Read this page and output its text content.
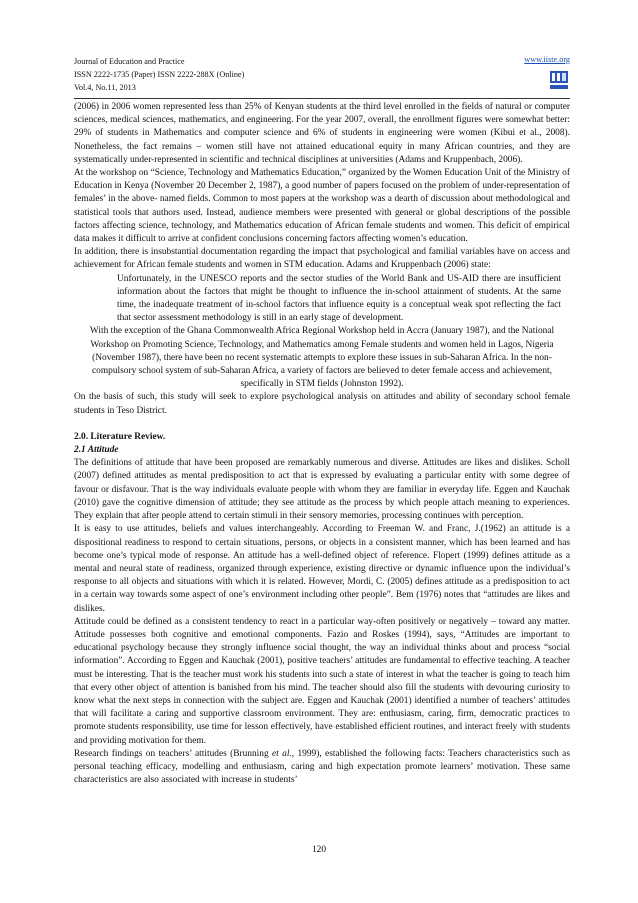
Journal of Education and Practice
ISSN 2222-1735 (Paper) ISSN 2222-288X (Online)
Vol.4, No.11, 2013
www.iiste.org

(2006) in 2006 women represented less than 25% of Kenyan students at the third level enrolled in the fields of natural or computer sciences, medical sciences, mathematics, and engineering. For the year 2007, overall, the enrollment figures were somewhat better: 29% of students in Mathematics and computer science and 6% of students in engineering were women (Kibui et al., 2008). Nonetheless, the fact remains – women still have not attained educational equity in many African countries, and they are systematically under-represented in scientific and technical disciplines at universities (Adams and Kruppenbach, 2006).

At the workshop on “Science, Technology and Mathematics Education,” organized by the Women Education Unit of the Ministry of Education in Kenya (November 20 December 2, 1987), a good number of papers focused on the problem of under-representation of females’ in the above- named fields. Common to most papers at the workshop was a dearth of discussion about methodological and statistical tools that authors used. Instead, audience members were presented with general or global descriptions of the possible factors affecting science, technology, and Mathematics education of African female students and women. This deficit of empirical data makes it difficult to arrive at confident conclusions concerning factors affecting women’s education.

In addition, there is insubstantial documentation regarding the impact that psychological and familial variables have on access and achievement for African female students and women in STM education. Adams and Kruppenbach (2006) state:

Unfortunately, in the UNESCO reports and the sector studies of the World Bank and US-AID there are insufficient information about the factors that might be thought to influence the in-school attainment of students. At the same time, the inadequate treatment of in-school factors that influence equity is a conceptual weak spot reflecting the fact that sector assessment methodology is still in an early stage of development.

With the exception of the Ghana Commonwealth Africa Regional Workshop held in Accra (January 1987), and the National Workshop on Promoting Science, Technology, and Mathematics among Female students and women held in Lagos, Nigeria (November 1987), there have been no recent systematic attempts to explore these issues in sub-Saharan Africa. In the non-compulsory school system of sub-Saharan Africa, a variety of factors are believed to deter female access and achievement, specifically in STM fields (Johnston 1992).

On the basis of such, this study will seek to explore psychological analysis on attitudes and ability of secondary school female students in Teso District.

2.0. Literature Review.
2.1 Attitude

The definitions of attitude that have been proposed are remarkably numerous and diverse. Attitudes are likes and dislikes. Scholl (2007) defined attitudes as mental predisposition to act that is expressed by evaluating a particular entity with some degree of favour or disfavour. That is the way individuals evaluate people with whom they are familiar in everyday life. Eggen and Kauchak (2010) gave the cognitive dimension of attitude; they see attitude as the process by which people attach meaning to experiences. They explain that after people attend to certain stimuli in their sensory memories, processing continues with perception.

It is easy to use attitudes, beliefs and values interchangeably. According to Freeman W. and Franc, J.(1962) an attitude is a dispositional readiness to respond to certain situations, persons, or objects in a consistent manner, which has been learned and has become one’s typical mode of response. An attitude has a well-defined object of reference. Flopert (1999) defines attitude as a mental and neural state of readiness, organized through experience, existing directive or dynamic influence upon the individual’s response to all objects and situations with which it is related. However, Mordi, C. (2005) defines attitude as a predisposition to act in a certain way towards some aspect of one’s environment including other people”. Bem (1976) notes that “attitudes are likes and dislikes.

Attitude could be defined as a consistent tendency to react in a particular way-often positively or negatively – toward any matter. Attitude possesses both cognitive and emotional components. Fazio and Roskes (1994), says, “Attitudes are important to educational psychology because they strongly influence social thought, the way an individual thinks about and process “social information”. According to Eggen and Kauchak (2001), positive teachers’ attitudes are fundamental to effective teaching. A teacher must be interesting. That is the teacher must work his students into such a state of interest in what the teacher is going to teach him that every other object of attention is banished from his mind. The teacher should also fill the students with devouring curiosity to know what the next steps in connection with the subject are. Eggen and Kauchak (2001) identified a number of teachers’ attitudes that will facilitate a caring and supportive classroom environment. They are: enthusiasm, caring, firm, democratic practices to promote students responsibility, use time for lesson effectively, have established efficient routines, and interact freely with students and providing motivation for them.

Research findings on teachers’ attitudes (Brunning et al., 1999), established the following facts: Teachers characteristics such as personal teaching efficacy, modelling and enthusiasm, caring and high expectation promote learners’ motivation. These same characteristics are also associated with increase in students’

120
